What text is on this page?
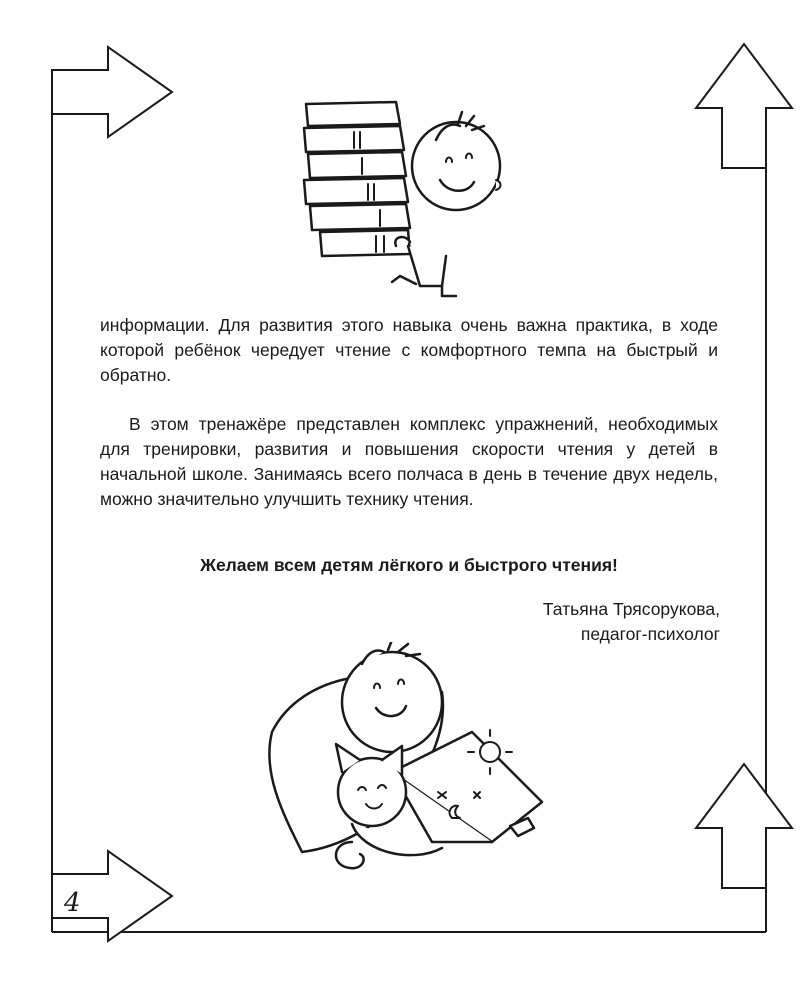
информации. Для развития этого навыка очень важна практика, в ходе которой ребёнок чередует чтение с комфортного темпа на быстрый и обратно.

В этом тренажёре представлен комплекс упражнений, необходимых для тренировки, развития и повышения скорости чтения у детей в начальной школе. Занимаясь всего полчаса в день в течение двух недель, можно значительно улучшить технику чтения.

Желаем всем детям лёгкого и быстрого чтения!

Татьяна Трясорукова,
педагог-психолог
4
